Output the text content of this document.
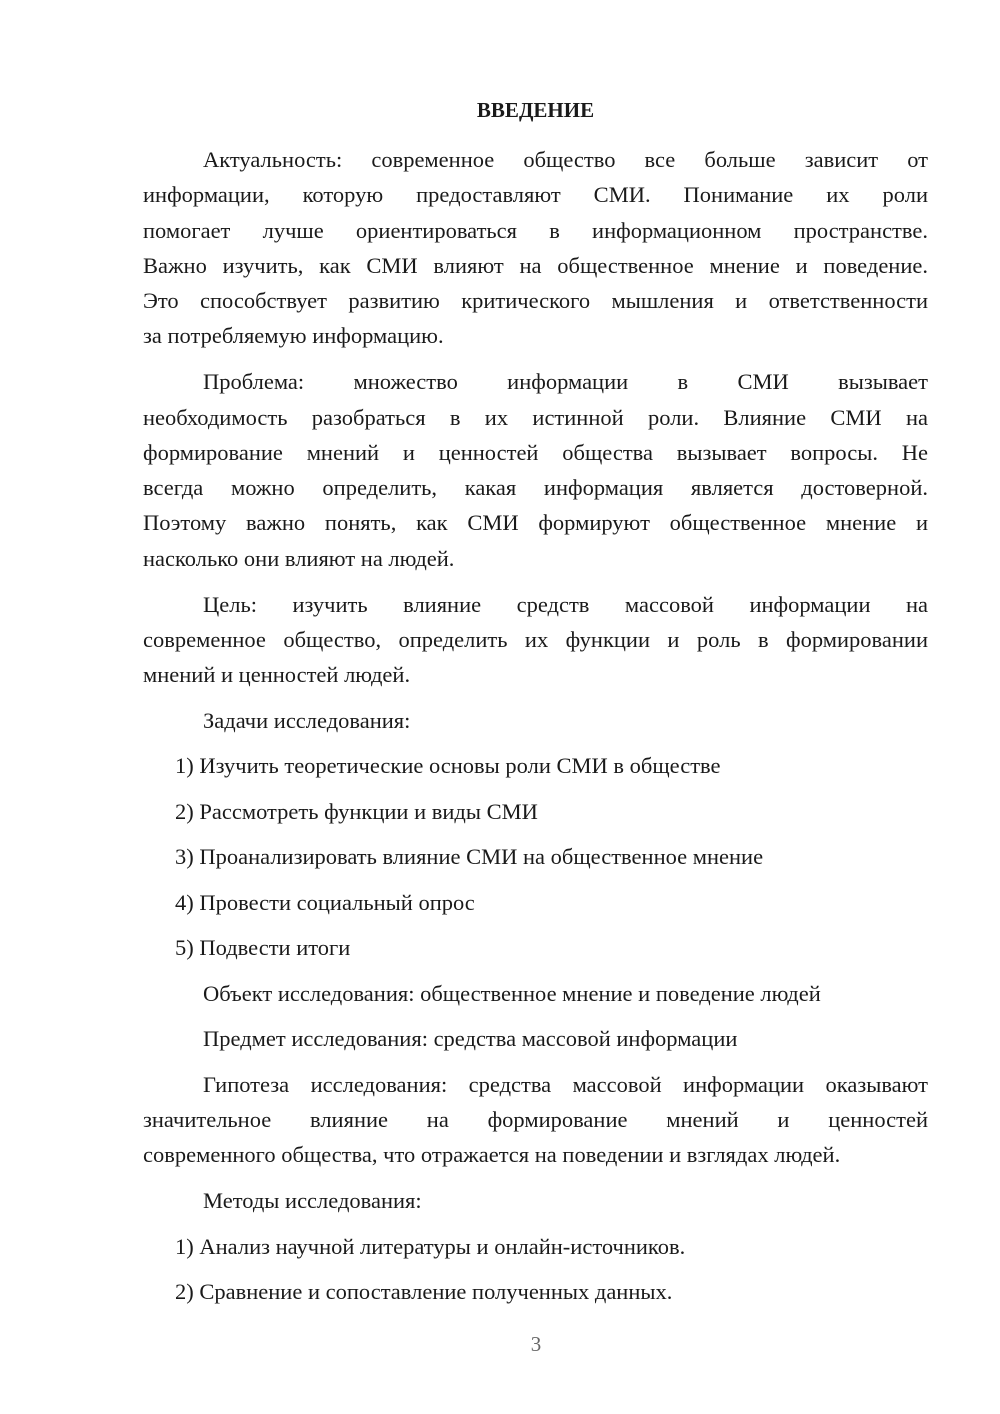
ВВЕДЕНИЕ
Актуальность: современное общество все больше зависит от
информации, которую предоставляют СМИ. Понимание их роли
помогает лучше ориентироваться в информационном пространстве.
Важно изучить, как СМИ влияют на общественное мнение и поведение.
Это способствует развитию критического мышления и ответственности
за потребляемую информацию.
Проблема: множество информации в СМИ вызывает
необходимость разобраться в их истинной роли. Влияние СМИ на
формирование мнений и ценностей общества вызывает вопросы. Не
всегда можно определить, какая информация является достоверной.
Поэтому важно понять, как СМИ формируют общественное мнение и
насколько они влияют на людей.
Цель: изучить влияние средств массовой информации на
современное общество, определить их функции и роль в формировании
мнений и ценностей людей.
Задачи исследования:
1) Изучить теоретические основы роли СМИ в обществе
2) Рассмотреть функции и виды СМИ
3) Проанализировать влияние СМИ на общественное мнение
4) Провести социальный опрос
5) Подвести итоги
Объект исследования: общественное мнение и поведение людей
Предмет исследования: средства массовой информации
Гипотеза исследования: средства массовой информации оказывают
значительное влияние на формирование мнений и ценностей
современного общества, что отражается на поведении и взглядах людей.
Методы исследования:
1) Анализ научной литературы и онлайн-источников.
2) Сравнение и сопоставление полученных данных.
3
